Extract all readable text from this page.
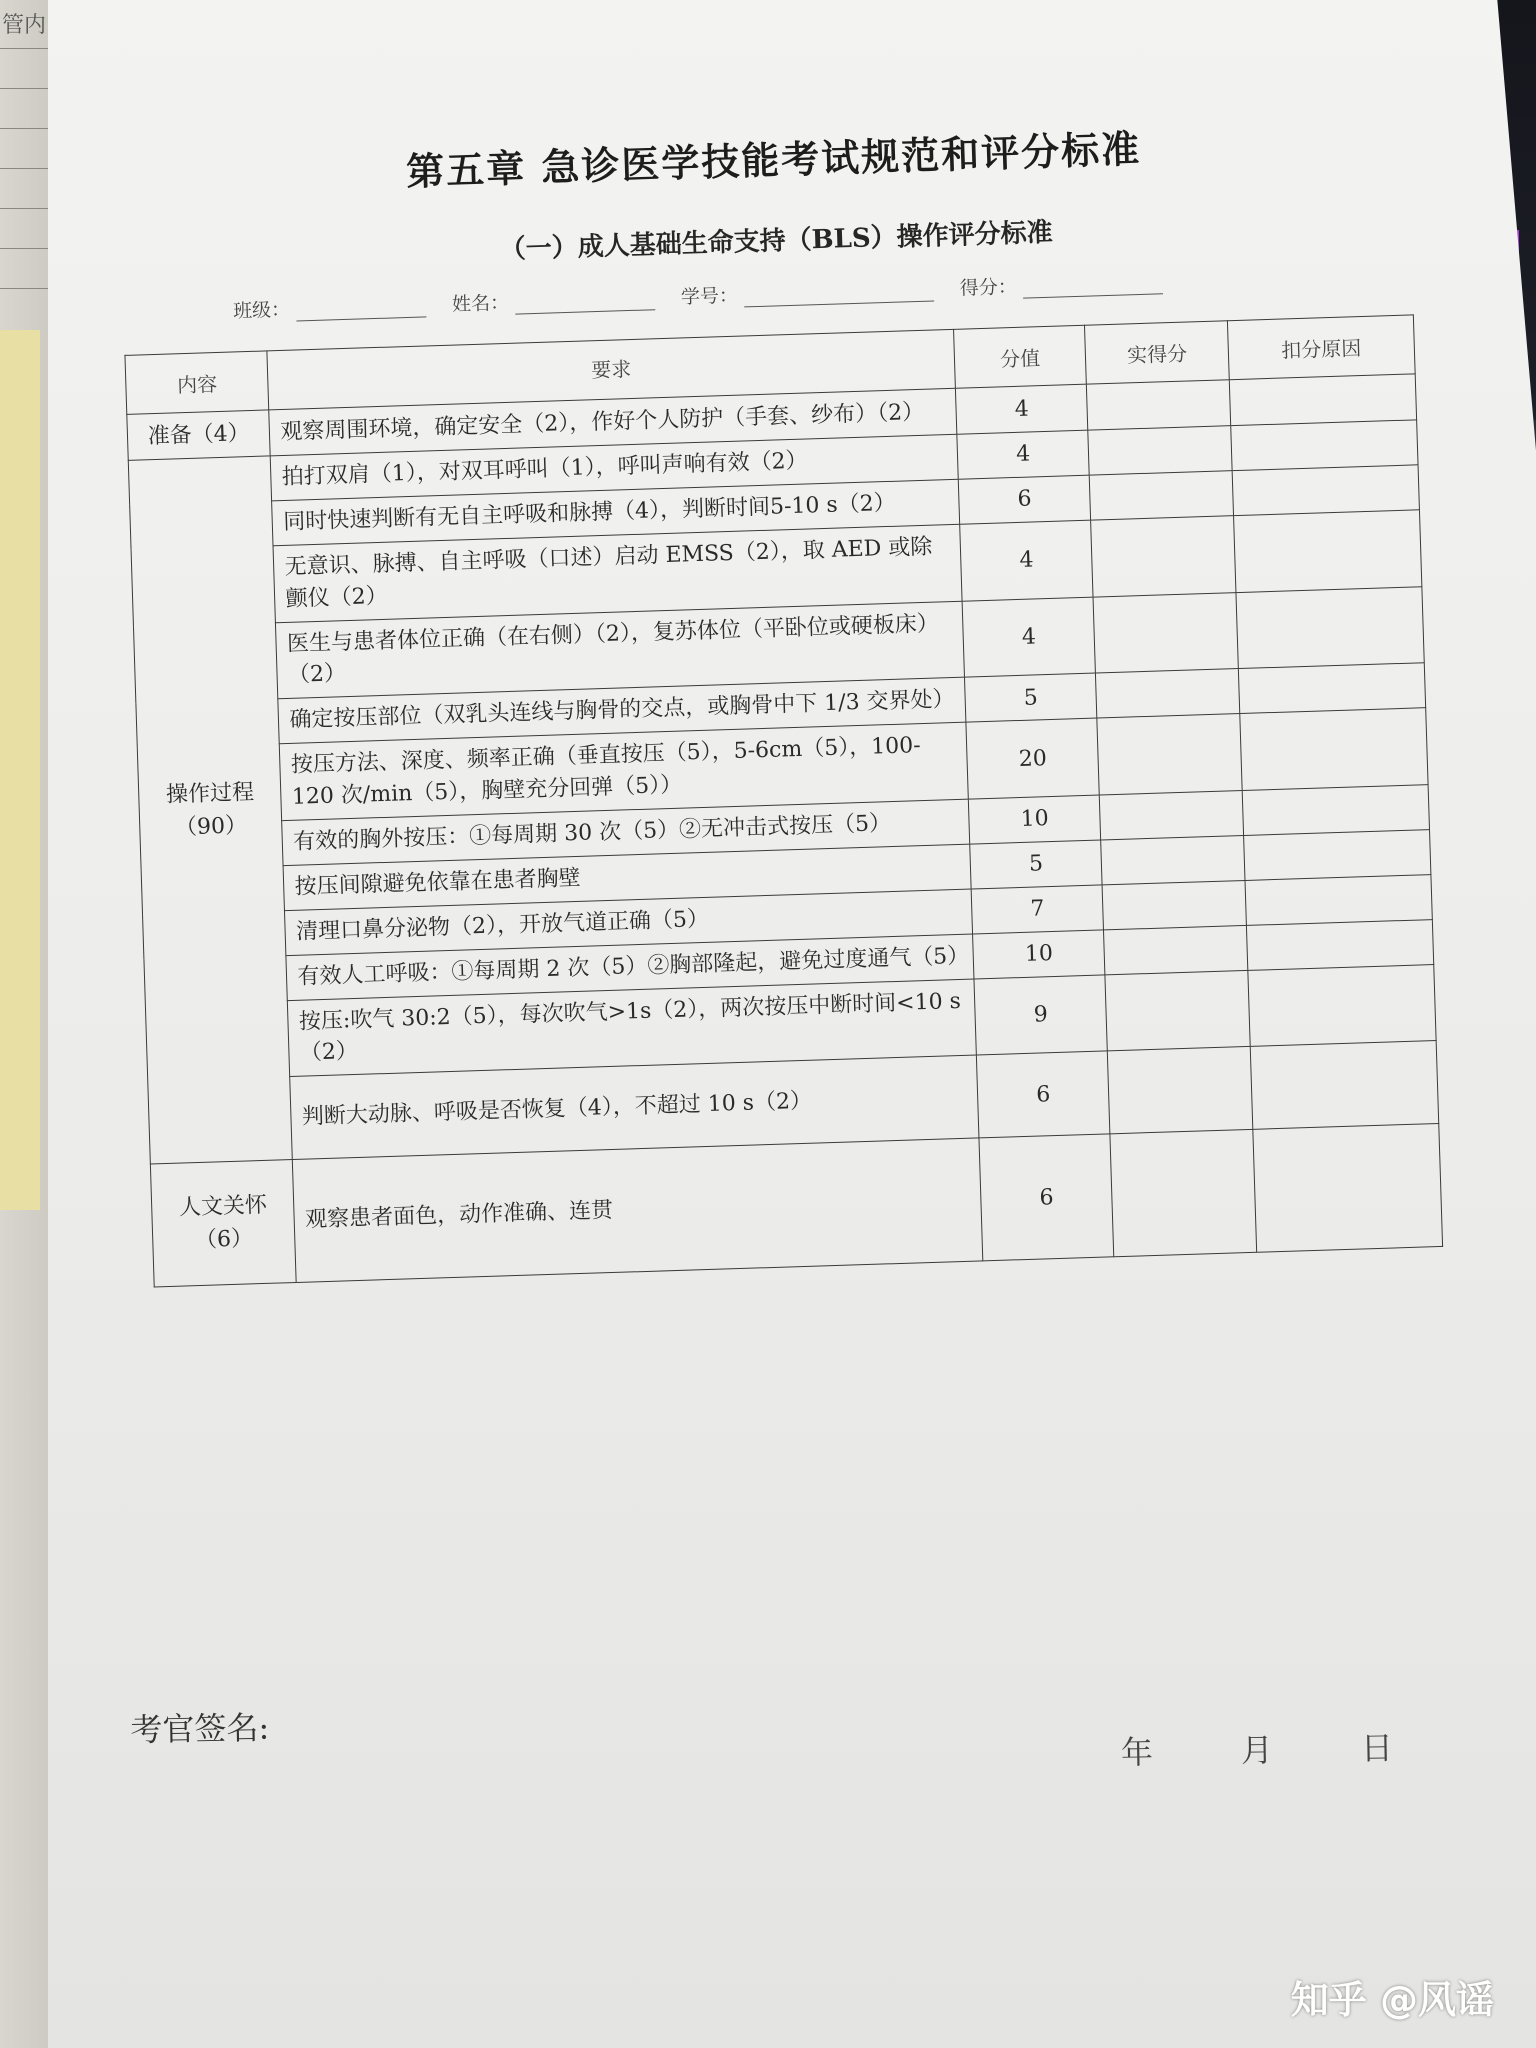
管内
第五章 急诊医学技能考试规范和评分标准
（一）成人基础生命支持（BLS）操作评分标准
班级：	姓名：	学号：	得分：
内容	要求	分值	实得分	扣分原因
准备（4）	观察周围环境，确定安全（2），作好个人防护（手套、纱布）（2）	4		
操作过程（90）	拍打双肩（1），对双耳呼叫（1），呼叫声响有效（2）	4		
	同时快速判断有无自主呼吸和脉搏（4），判断时间5-10 s（2）	6		
	无意识、脉搏、自主呼吸（口述）启动 EMSS（2），取 AED 或除颤仪（2）	4		
	医生与患者体位正确（在右侧）（2），复苏体位（平卧位或硬板床）（2）	4		
	确定按压部位（双乳头连线与胸骨的交点，或胸骨中下 1/3 交界处）	5		
	按压方法、深度、频率正确（垂直按压（5），5-6cm（5），100-120 次/min（5），胸壁充分回弹（5））	20		
	有效的胸外按压：①每周期 30 次（5）②无冲击式按压（5）	10		
	按压间隙避免依靠在患者胸壁	5		
	清理口鼻分泌物（2），开放气道正确（5）	7		
	有效人工呼吸：①每周期 2 次（5）②胸部隆起，避免过度通气（5）	10		
	按压:吹气 30:2（5），每次吹气>1s（2），两次按压中断时间<10 s（2）	9		
	判断大动脉、呼吸是否恢复（4），不超过 10 s（2）	6		
人文关怀（6）	观察患者面色，动作准确、连贯	6		
考官签名:
年	月	日
知乎 @风谣
